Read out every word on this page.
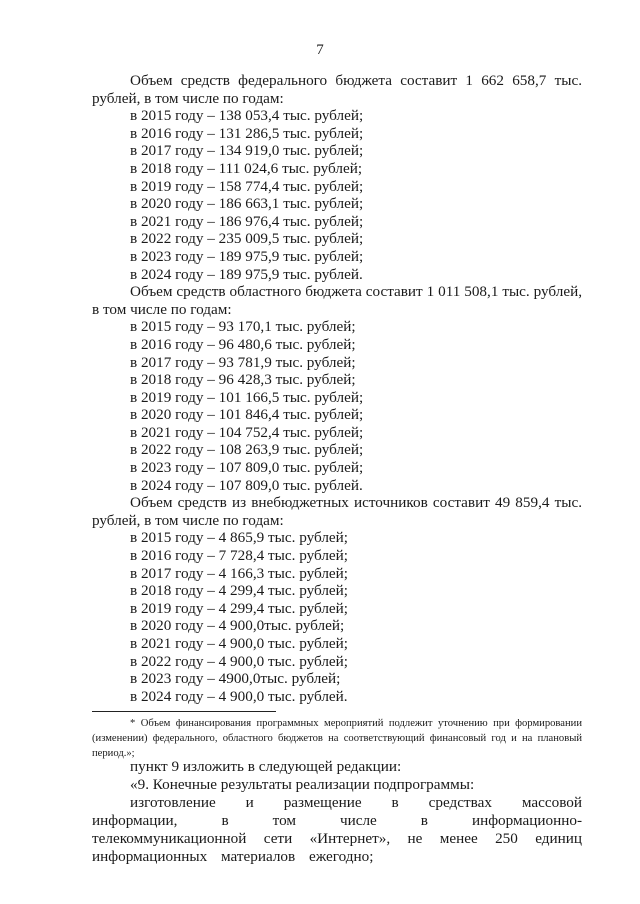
7
Объем средств федерального бюджета составит 1 662 658,7 тыс. рублей, в том числе по годам:
в 2015 году – 138 053,4 тыс. рублей;
в 2016 году – 131 286,5 тыс. рублей;
в 2017 году – 134 919,0 тыс. рублей;
в 2018 году – 111 024,6 тыс. рублей;
в 2019 году – 158 774,4 тыс. рублей;
в 2020 году – 186 663,1 тыс. рублей;
в 2021 году – 186 976,4 тыс. рублей;
в 2022 году – 235 009,5 тыс. рублей;
в 2023 году – 189 975,9 тыс. рублей;
в 2024 году – 189 975,9 тыс. рублей.
Объем средств областного бюджета составит 1 011 508,1 тыс. рублей, в том числе по годам:
в 2015 году – 93 170,1 тыс. рублей;
в 2016 году – 96 480,6 тыс. рублей;
в 2017 году – 93 781,9 тыс. рублей;
в 2018 году – 96 428,3 тыс. рублей;
в 2019 году – 101 166,5 тыс. рублей;
в 2020 году – 101 846,4 тыс. рублей;
в 2021 году – 104 752,4 тыс. рублей;
в 2022 году – 108 263,9 тыс. рублей;
в 2023 году – 107 809,0 тыс. рублей;
в 2024 году – 107 809,0 тыс. рублей.
Объем средств из внебюджетных источников составит 49 859,4 тыс. рублей, в том числе по годам:
в 2015 году – 4 865,9 тыс. рублей;
в 2016 году – 7 728,4 тыс. рублей;
в 2017 году – 4 166,3 тыс. рублей;
в 2018 году – 4 299,4 тыс. рублей;
в 2019 году – 4 299,4 тыс. рублей;
в 2020 году – 4 900,0тыс. рублей;
в 2021 году – 4 900,0 тыс. рублей;
в 2022 году – 4 900,0 тыс. рублей;
в 2023 году – 4900,0тыс. рублей;
в 2024 году – 4 900,0 тыс. рублей.
* Объем финансирования программных мероприятий подлежит уточнению при формировании (изменении) федерального, областного бюджетов на соответствующий финансовый год и на плановый период.»;
пункт 9 изложить в следующей редакции:
«9. Конечные результаты реализации подпрограммы:
изготовление и размещение в средствах массовой информации, в том числе в информационно-телекоммуникационной сети «Интернет», не менее 250 единиц информационных материалов ежегодно;
